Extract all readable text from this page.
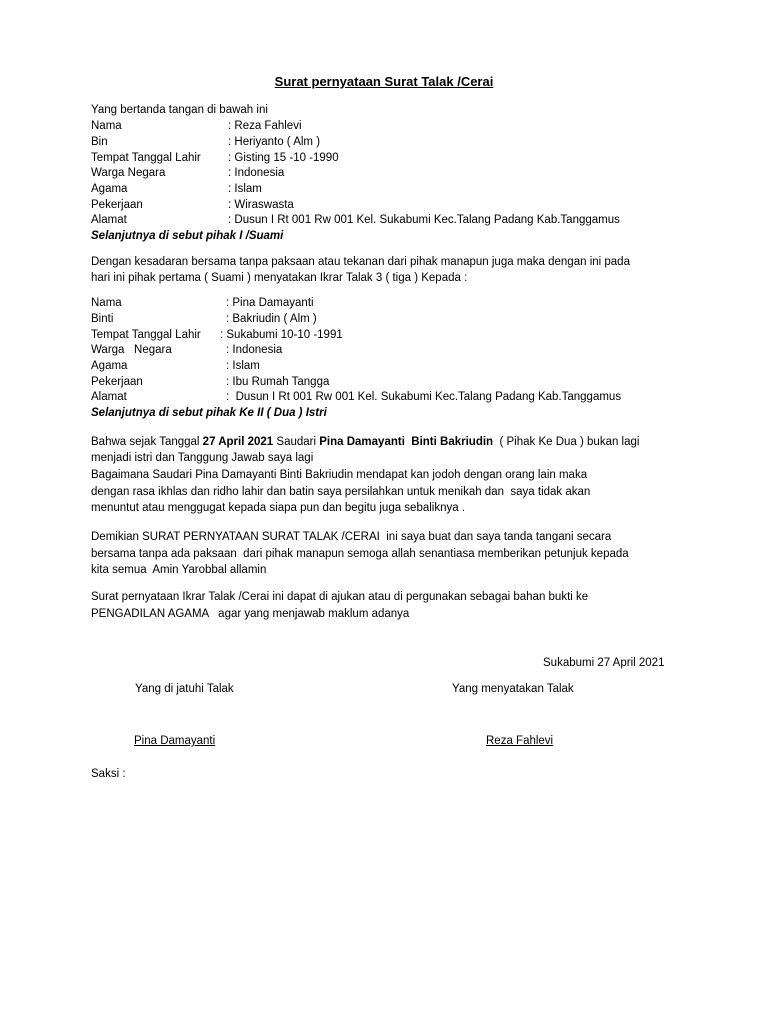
Surat pernyataan Surat Talak /Cerai
Yang bertanda tangan di bawah ini
Nama	: Reza Fahlevi
Bin	: Heriyanto ( Alm )
Tempat Tanggal Lahir : Gisting 15 -10 -1990
Warga Negara	: Indonesia
Agama	: Islam
Pekerjaan	: Wiraswasta
Alamat	: Dusun I Rt 001 Rw 001 Kel. Sukabumi Kec.Talang Padang Kab.Tanggamus
Selanjutnya di sebut pihak I /Suami
Dengan kesadaran bersama tanpa paksaan atau tekanan dari pihak manapun juga maka dengan ini pada
hari ini pihak pertama ( Suami ) menyatakan Ikrar Talak 3 ( tiga ) Kepada :
Nama	: Pina Damayanti
Binti	: Bakriudin ( Alm )
Tempat Tanggal Lahir : Sukabumi 10-10 -1991
Warga   Negara	: Indonesia
Agama	: Islam
Pekerjaan	: Ibu Rumah Tangga
Alamat	:  Dusun I Rt 001 Rw 001 Kel. Sukabumi Kec.Talang Padang Kab.Tanggamus
Selanjutnya di sebut pihak Ke II ( Dua ) Istri
Bahwa sejak Tanggal 27 April 2021 Saudari Pina Damayanti  Binti Bakriudin  ( Pihak Ke Dua ) bukan lagi
menjadi istri dan Tanggung Jawab saya lagi
Bagaimana Saudari Pina Damayanti Binti Bakriudin mendapat kan jodoh dengan orang lain maka
dengan rasa ikhlas dan ridho lahir dan batin saya persilahkan untuk menikah dan  saya tidak akan
menuntut atau menggugat kepada siapa pun dan begitu juga sebaliknya .
Demikian SURAT PERNYATAAN SURAT TALAK /CERAI  ini saya buat dan saya tanda tangani secara
bersama tanpa ada paksaan  dari pihak manapun semoga allah senantiasa memberikan petunjuk kepada
kita semua  Amin Yarobbal allamin
Surat pernyataan Ikrar Talak /Cerai ini dapat di ajukan atau di pergunakan sebagai bahan bukti ke
PENGADILAN AGAMA   agar yang menjawab maklum adanya
Sukabumi 27 April 2021
Yang di jatuhi Talak	Yang menyatakan Talak
Pina Damayanti	Reza Fahlevi
Saksi :
